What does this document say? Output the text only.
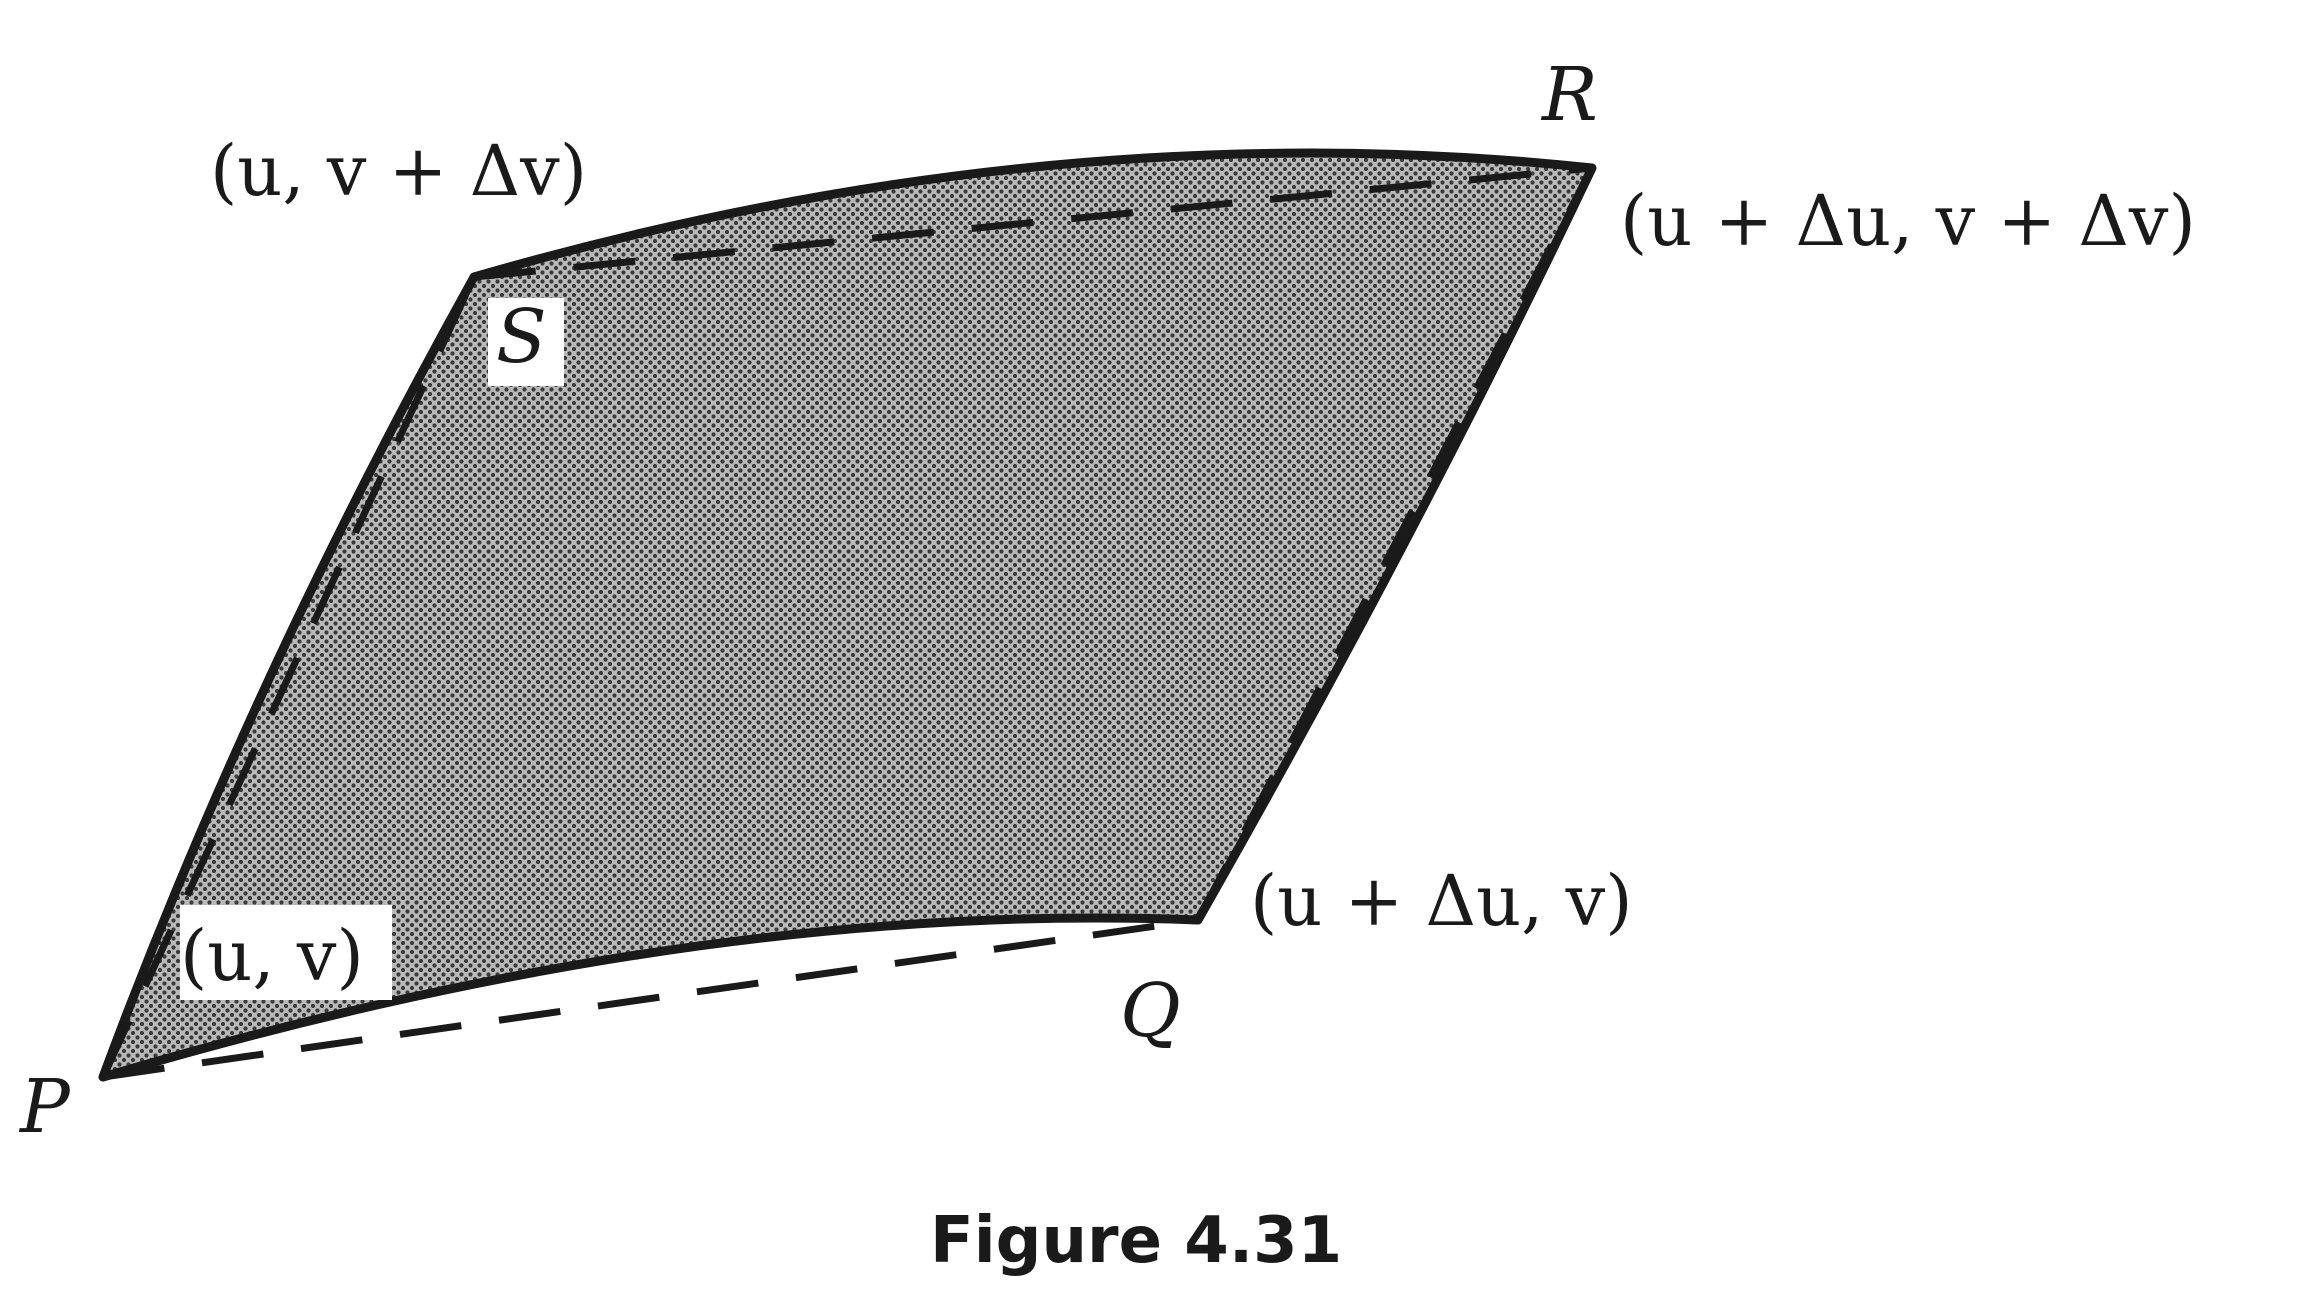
P
Q
R
S
(u, v)
(u + Δu, v)
(u + Δu, v + Δv)
(u, v + Δv)
Figure 4.31
